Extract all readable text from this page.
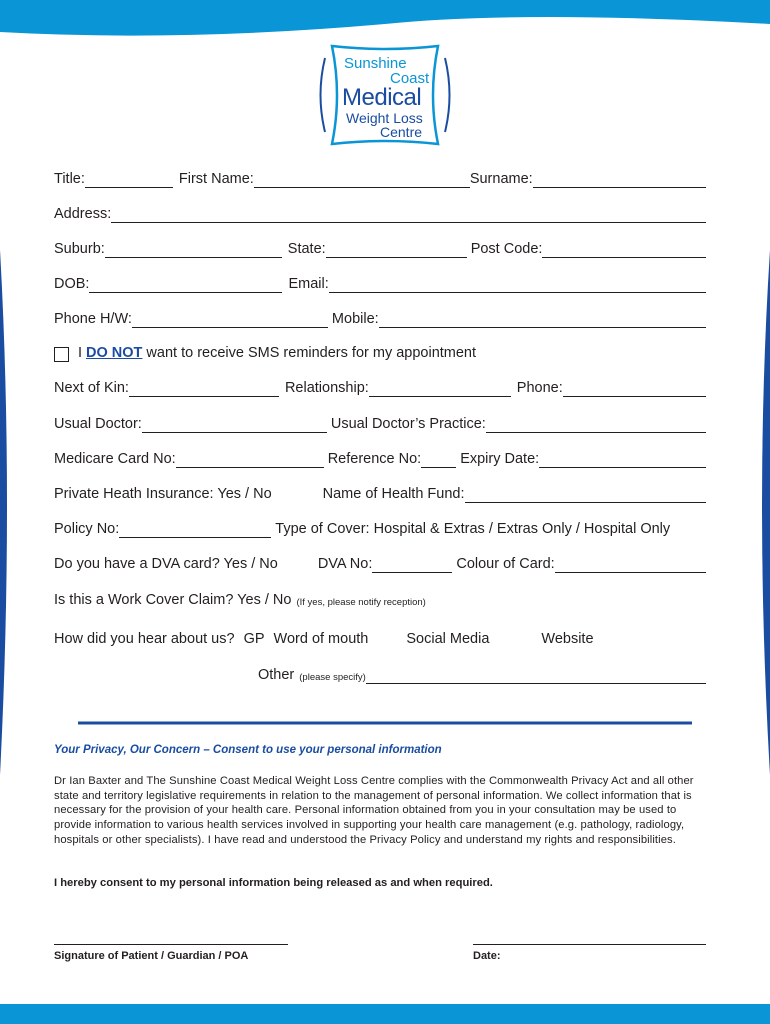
Sunshine
Coast
Medical
Weight Loss
Centre
Title:	First Name:	Surname:
Address:
Suburb:	State:	Post Code:
DOB:	Email:
Phone H/W:	Mobile:
I DO NOT want to receive SMS reminders for my appointment
Next of Kin:	Relationship:	Phone:
Usual Doctor:	Usual Doctor’s Practice:
Medicare Card No:	Reference No:	Expiry Date:
Private Heath Insurance: Yes / No	Name of Health Fund:
Policy No:	Type of Cover: Hospital & Extras / Extras Only / Hospital Only
Do you have a DVA card? Yes / No	DVA No:	Colour of Card:
Is this a Work Cover Claim? Yes / No (If yes, please notify reception)
How did you hear about us? GP Word of mouth	Social Media	Website
Other (please specify)
Your Privacy, Our Concern – Consent to use your personal information
Dr Ian Baxter and The Sunshine Coast Medical Weight Loss Centre complies with the Commonwealth Privacy Act and all other state and territory legislative requirements in relation to the management of personal information. We collect information that is necessary for the provision of your health care. Personal information obtained from you in your consultation may be used to provide information to various health services involved in supporting your health care management (e.g. pathology, radiology, hospitals or other specialists). I have read and understood the Privacy Policy and understand my rights and responsibilities.
I hereby consent to my personal information being released as and when required.
Signature of Patient / Guardian / POA	Date:
